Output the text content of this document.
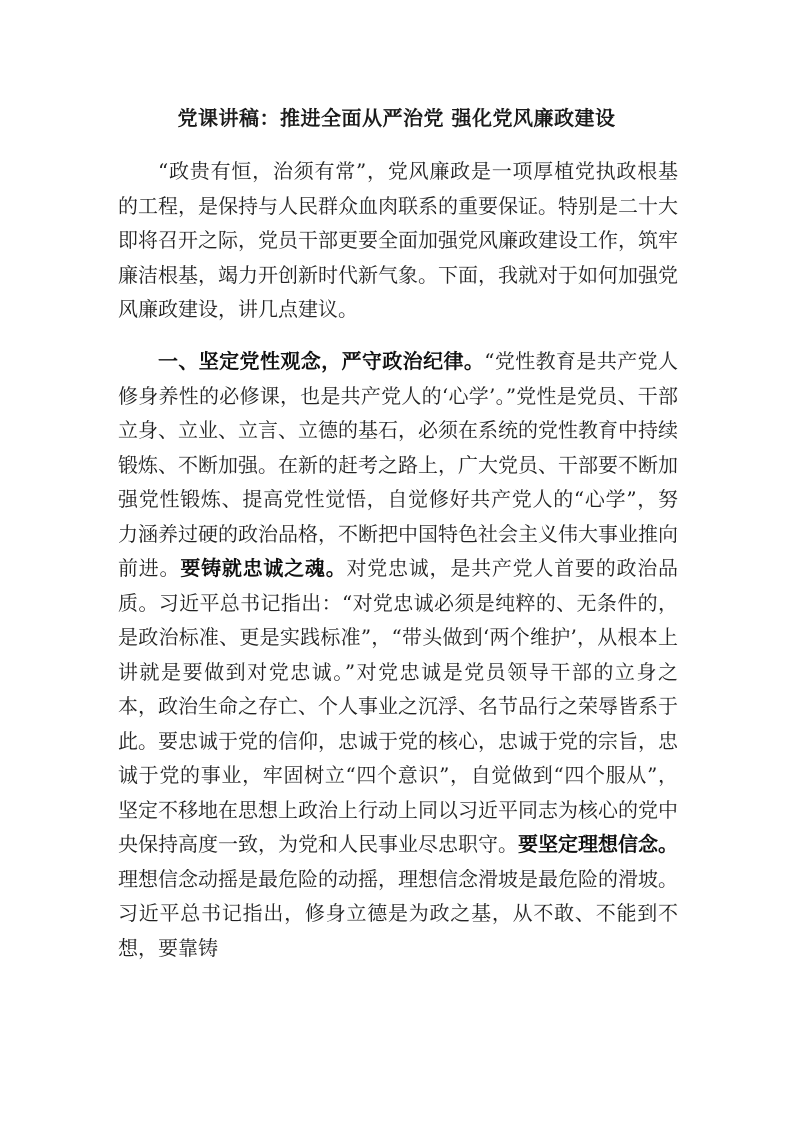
党课讲稿：推进全面从严治党 强化党风廉政建设

“政贵有恒，治须有常”，党风廉政是一项厚植党执政根基的工程，是保持与人民群众血肉联系的重要保证。特别是二十大即将召开之际，党员干部更要全面加强党风廉政建设工作，筑牢廉洁根基，竭力开创新时代新气象。下面，我就对于如何加强党风廉政建设，讲几点建议。

一、坚定党性观念，严守政治纪律。“党性教育是共产党人修身养性的必修课，也是共产党人的‘心学’。”党性是党员、干部立身、立业、立言、立德的基石，必须在系统的党性教育中持续锻炼、不断加强。在新的赶考之路上，广大党员、干部要不断加强党性锻炼、提高党性觉悟，自觉修好共产党人的“心学”，努力涵养过硬的政治品格，不断把中国特色社会主义伟大事业推向前进。要铸就忠诚之魂。对党忠诚，是共产党人首要的政治品质。习近平总书记指出：“对党忠诚必须是纯粹的、无条件的，是政治标准、更是实践标准”，“带头做到‘两个维护’，从根本上讲就是要做到对党忠诚。”对党忠诚是党员领导干部的立身之本，政治生命之存亡、个人事业之沉浮、名节品行之荣辱皆系于此。要忠诚于党的信仰，忠诚于党的核心，忠诚于党的宗旨，忠诚于党的事业，牢固树立“四个意识”，自觉做到“四个服从”，坚定不移地在思想上政治上行动上同以习近平同志为核心的党中央保持高度一致，为党和人民事业尽忠职守。要坚定理想信念。理想信念动摇是最危险的动摇，理想信念滑坡是最危险的滑坡。习近平总书记指出，修身立德是为政之基，从不敢、不能到不想，要靠铸
